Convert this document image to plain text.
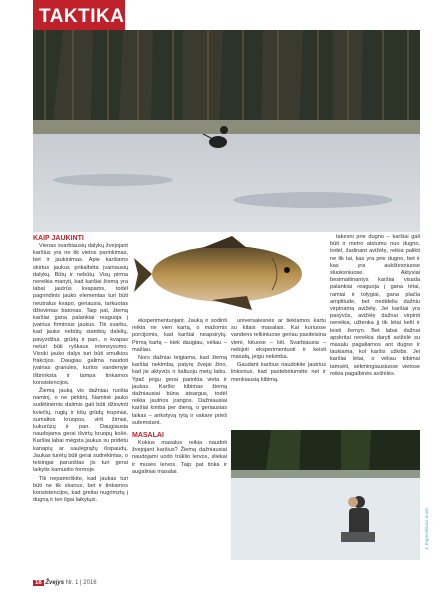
TAKTIKA
KAIP JAUKINTI

Vienas svarbiausių dalykų žvejojant karšius yra ne tik vietos parinkimas, bet ir jaukinimas. Apie karšiams skirtus jaukus prikalbėta įvairiausių dalykų. Būtų ir nebūtų. Visų pirma nereikia manyti, kad karšiai žiemą yra labai jautrūs kvapams, todėl pagrindinis jauko elementas turi būti neutralus kvapo, geriausia, tarkuotas džiovintas batonas. Taip pat, žiemą karšiai gana palankiai reaguoja į įvairius firminius jaukus. Tik svarbu, kad jauke nebūtų stambių dalelių, pavyzdžiui, grūdų ir pan., o kvapas neturi būti ryškaus intensyvumo. Visoki jauko dalys turi būti smulkios frakcijos. Daugiau galima naudoti įvairias granules, kurios vandenyje išbrinksta ir tampa tinkamos konsistencijos.

Žiemą jauką vis dažniau ruošia naminį, o ne pirktinį. Naminė jauko sudėtinėmis dalimis gali būti džiovinti kviečių, rugių ir kitų grūdų trupiniai, sumaltos kruopos, virti žirniai, kukurūzų ir pan. Daugiausia naudojama gerai išvirtų kruopų košė. Karšiai labai mėgsta jaukus su pridėtu kanapių ar saulėgrąžų išspaudų. Jaukas turėtų būti gerai sudrėkintas, o teisingai paruoštas jis turi gerai laikytis kamuolio formoje.

Tik nepamirškite, kad jaukas turi būti ne tik skanus, bet ir tinkamos konsistencijos, kad greitai nugrimztų į dugną ir ten ilgai laikytųsi.

eksperimentuojant. Jauką ir sodinti reikia ne vien kartą, o mažomis porcijomis, kad karšiai neapsirytų. Pirmą kartą – kiek daugiau, vėliau – mažiau.

Nors dažniai teigiama, kad žiemą karšiai nekimba, patyrę žvejai žino, kad jie aktyvūs ir šaltuoju metų laiku. Ypač jeigu gerai parinkta vieta ir jaukas. Karšio kibimas žiemą dažniausiai būna atsargus, todėl reikia jautrios įrangos. Dažniausiai karšiai kimba per dieną, o geriausias laikas – ankstyvą rytą ir vakare prieš sutemstant.

MASALAI

Kokius masalus reikia naudoti žvejojant karšius? Žiemą dažniausiai naudojami uodo trūklio lervos, sliekai ir musės lervos. Taip pat tinka ir augaliniai masalai.

universalesnės ar tiekiamos kartu su kitais masalais. Kai kuriuose vandens telkiniuose geriau pasiteisina vieni, kituose – kiti. Svarbiausia – nebijoti eksperimentuoti ir keisti masalą, jeigu nekimba.

Gaudant karšius naudokite jautrius linksnius, kad pastebėtumėte net ir menkiausią kibimą.

takesni prie dugno – karšiai gali būti ir metro atstumu nuo dugno, todėl, žadinant avižėlę, reikia palikti ne tik tai, kas yra prie dugno, bet ir kas yra aukštesniuose sluoksniuose. Aktyviai besimaitinantys karšiai visada palankiai reaguoja į gana lėtai, ramiai ir tolygiai, gana plačia amplitude, bet nedideliu dažniu virpinamą avižėlę. Jei karšiai yra pasyvūs, avižėlę dažnai virpinti nereikia, užtenka jį tik lėtai kelti ir leisti žemyn. Bet labai dažnai apskritai nereikia daryti avižėlė su masalu pagaliamos ant dugno ir laukiama, kol karšis užkibs. Jei karšiai lėtai, o vėliau kibimai tamsėti, sėkmingiausiuose vietose reikia pagalbinės avižėlės.

J. Kuprevičiaus nuotr.
18 Žvejys Nr. 1 | 2016
